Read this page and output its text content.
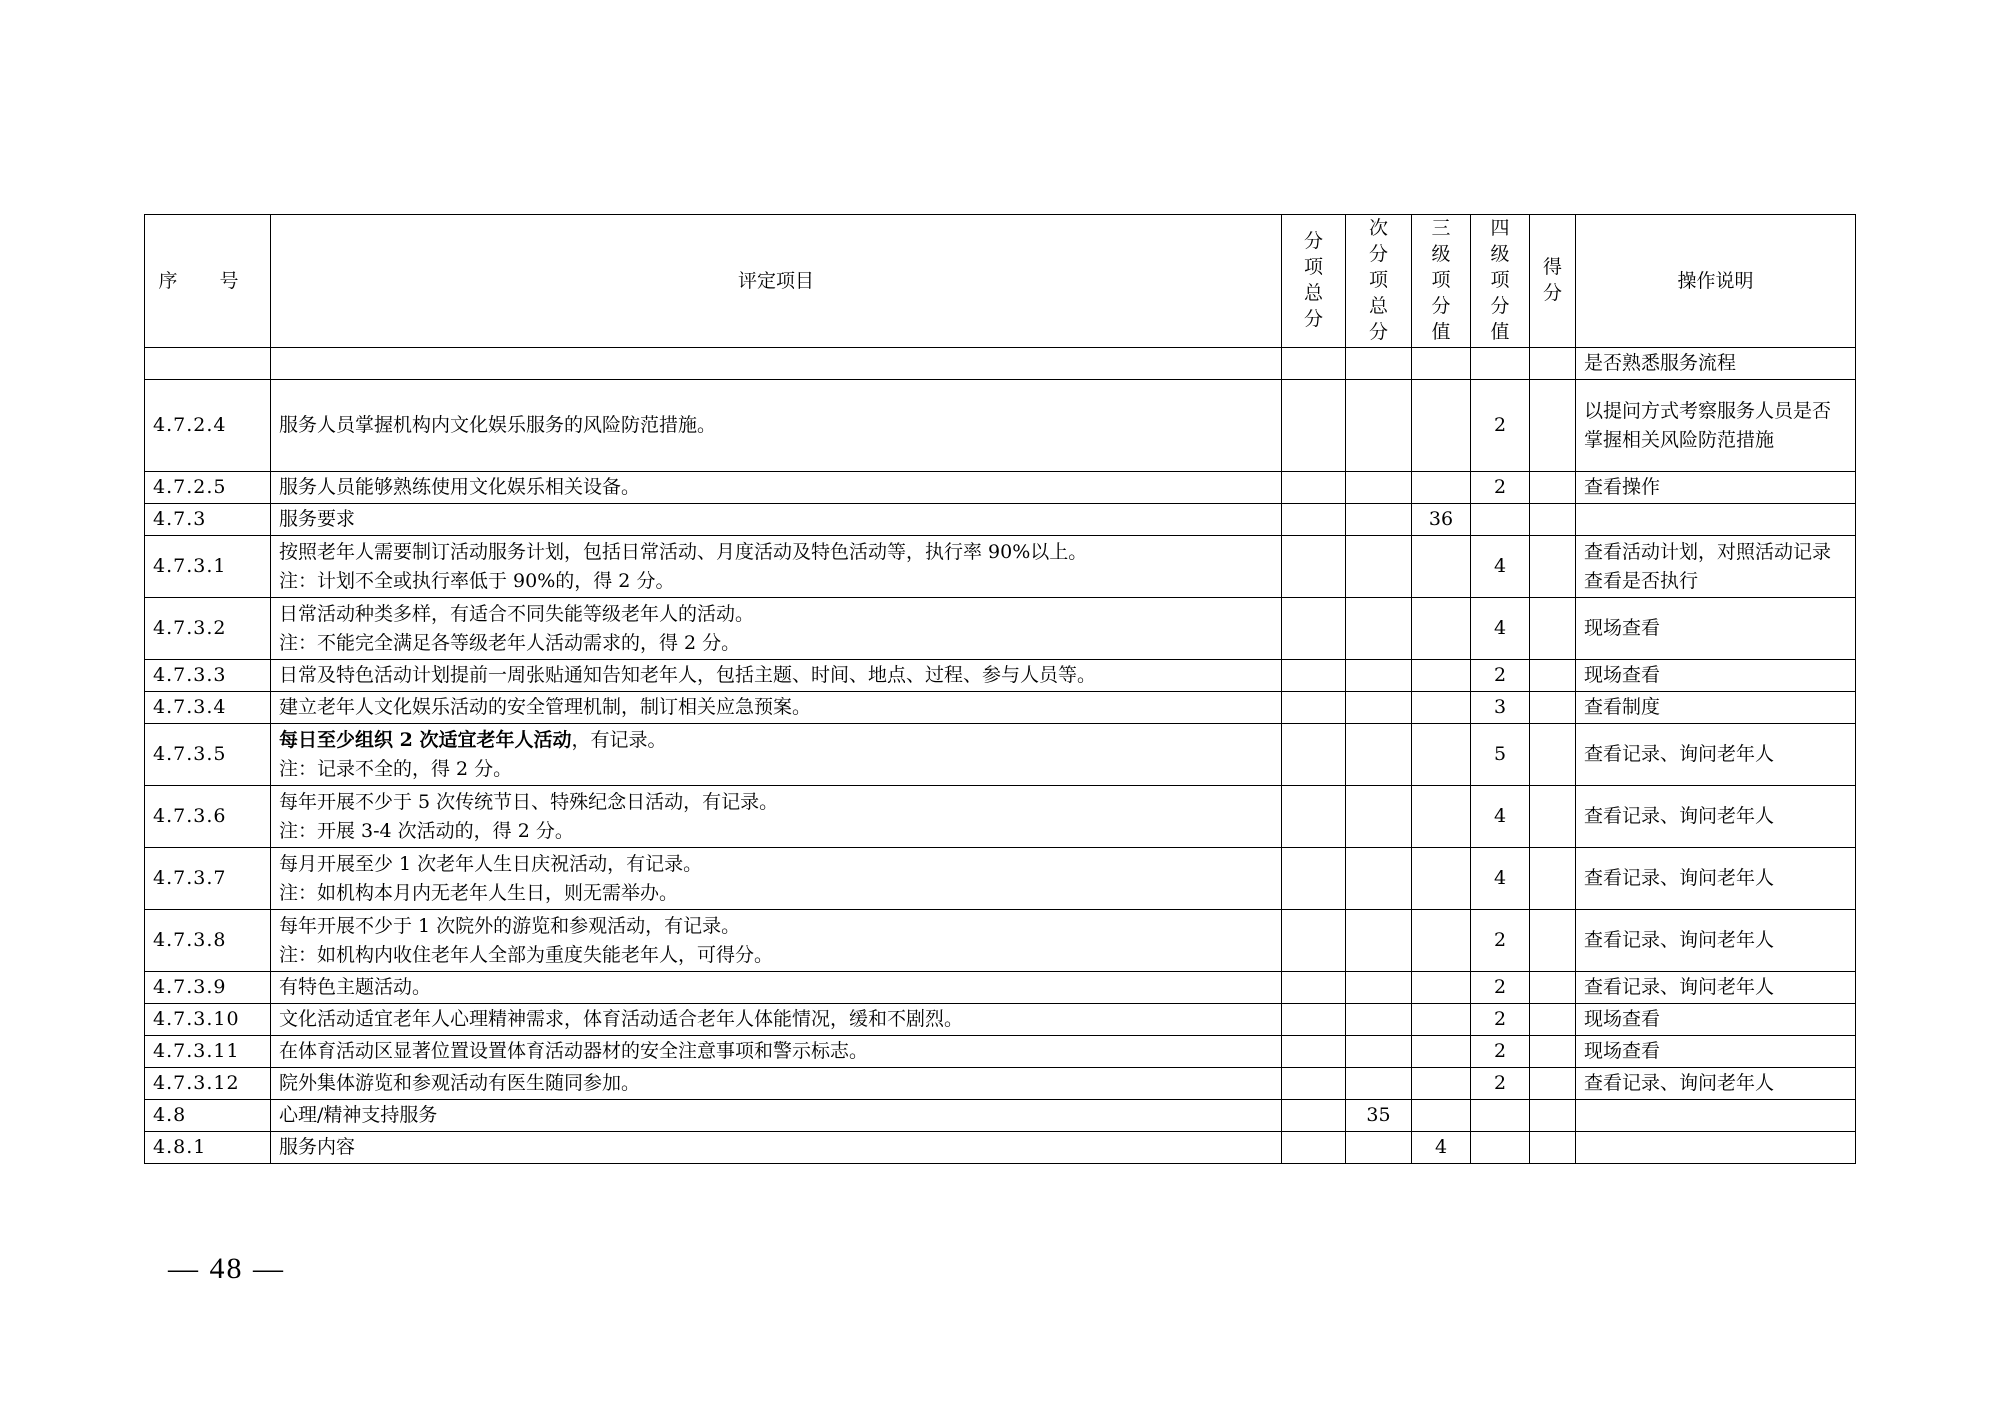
序 号	评定项目	分项总分	次分项总分	三级项分值	四级项分值	得分	操作说明

						是否熟悉服务流程
4.7.2.4	服务人员掌握机构内文化娱乐服务的风险防范措施。				2		以提问方式考察服务人员是否掌握相关风险防范措施
4.7.2.5	服务人员能够熟练使用文化娱乐相关设备。				2		查看操作
4.7.3	服务要求			36			
4.7.3.1	按照老年人需要制订活动服务计划，包括日常活动、月度活动及特色活动等，执行率 90%以上。
注：计划不全或执行率低于 90%的，得 2 分。				4		查看活动计划，对照活动记录查看是否执行
4.7.3.2	日常活动种类多样，有适合不同失能等级老年人的活动。
注：不能完全满足各等级老年人活动需求的，得 2 分。				4		现场查看
4.7.3.3	日常及特色活动计划提前一周张贴通知告知老年人，包括主题、时间、地点、过程、参与人员等。				2		现场查看
4.7.3.4	建立老年人文化娱乐活动的安全管理机制，制订相关应急预案。				3		查看制度
4.7.3.5	每日至少组织 2 次适宜老年人活动，有记录。
注：记录不全的，得 2 分。				5		查看记录、询问老年人
4.7.3.6	每年开展不少于 5 次传统节日、特殊纪念日活动，有记录。
注：开展 3-4 次活动的，得 2 分。				4		查看记录、询问老年人
4.7.3.7	每月开展至少 1 次老年人生日庆祝活动，有记录。
注：如机构本月内无老年人生日，则无需举办。				4		查看记录、询问老年人
4.7.3.8	每年开展不少于 1 次院外的游览和参观活动，有记录。
注：如机构内收住老年人全部为重度失能老年人，可得分。				2		查看记录、询问老年人
4.7.3.9	有特色主题活动。				2		查看记录、询问老年人
4.7.3.10	文化活动适宜老年人心理精神需求，体育活动适合老年人体能情况，缓和不剧烈。				2		现场查看
4.7.3.11	在体育活动区显著位置设置体育活动器材的安全注意事项和警示标志。				2		现场查看
4.7.3.12	院外集体游览和参观活动有医生随同参加。				2		查看记录、询问老年人
4.8	心理/精神支持服务		35				
4.8.1	服务内容			4			
— 48 —
